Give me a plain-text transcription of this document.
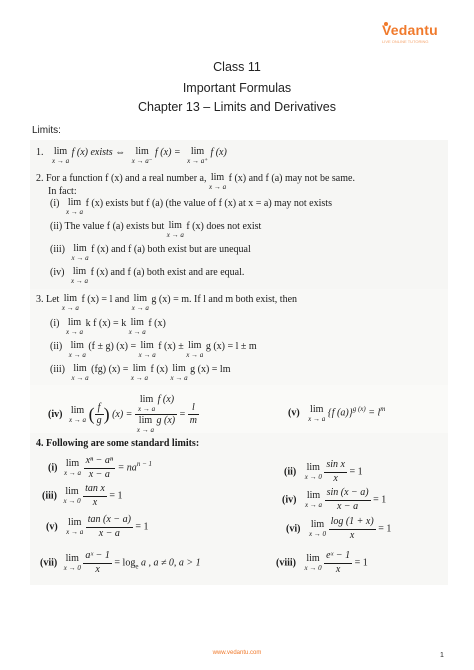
Vedantu
LIVE ONLINE TUTORING
Class 11
Important Formulas
Chapter 13 – Limits and Derivatives
Limits:
1. lim
x → a
f (x) exists ⇔	lim
x → a⁻
f (x) =	lim
x → a⁺
f (x)
2. For a function f (x) and a real number a, lim
x → a
f (x) and f (a) may not be same.
In fact:
(i) lim
x → a
f (x) exists but f (a) (the value of f (x) at x = a) may not exists
(ii) The value f (a) exists but lim
x → a
f (x) does not exist
(iii) lim
x → a
f (x) and f (a) both exist but are unequal
(iv) lim
x → a
f (x) and f (a) both exist and are equal.
3. Let lim
x → a
f (x) = l and lim
x → a
g (x) = m. If l and m both exist, then
(i) lim
x → a
k f (x) = k lim
x → a
f (x)
(ii) lim
x → a
(f ± g) (x) = lim
x → a
f (x) ± lim
x → a
g (x) = l ± m
(iii) lim
x → a
(fg) (x) = lim
x → a
f (x) lim
x → a
g (x) = lm
(iv) lim
x → a ( $\frac{f}{g}$ ) (x) = lim
x → a
f (x)
lim
x → a
g $(x) = \frac{l}{m}$	(v) lim
x → a
{f $(a)\}^{g (x)} = l^m$
4. Following are some standard limits:
(i) lim
x → a
$\frac{\text{xⁿ − aⁿ}}{x - a} = na^{n - 1}$
(ii) lim
x → 0
$\frac{\text{sin x}}{x} = 1$
(iii) lim
x → 0
$\frac{\text{tan x}}{x} = 1$	(iv) lim
x → a
$\frac{\sin (x - a)}{x - a} = 1$
(v) lim
x → a
$\frac{\tan (x - a)}{x - a} = 1$	(vi) lim
x → 0
$\frac{\log (1 + x)}{x} = 1$
(vii) lim
x → 0
$\frac{\text{aˣ − 1}}{x} = \log_e a$ , a ≠ 0, a > 1	(viii) lim
x → 0
$\frac{\text{eˣ − 1}}{x} = 1$
www.vedantu.com	1
